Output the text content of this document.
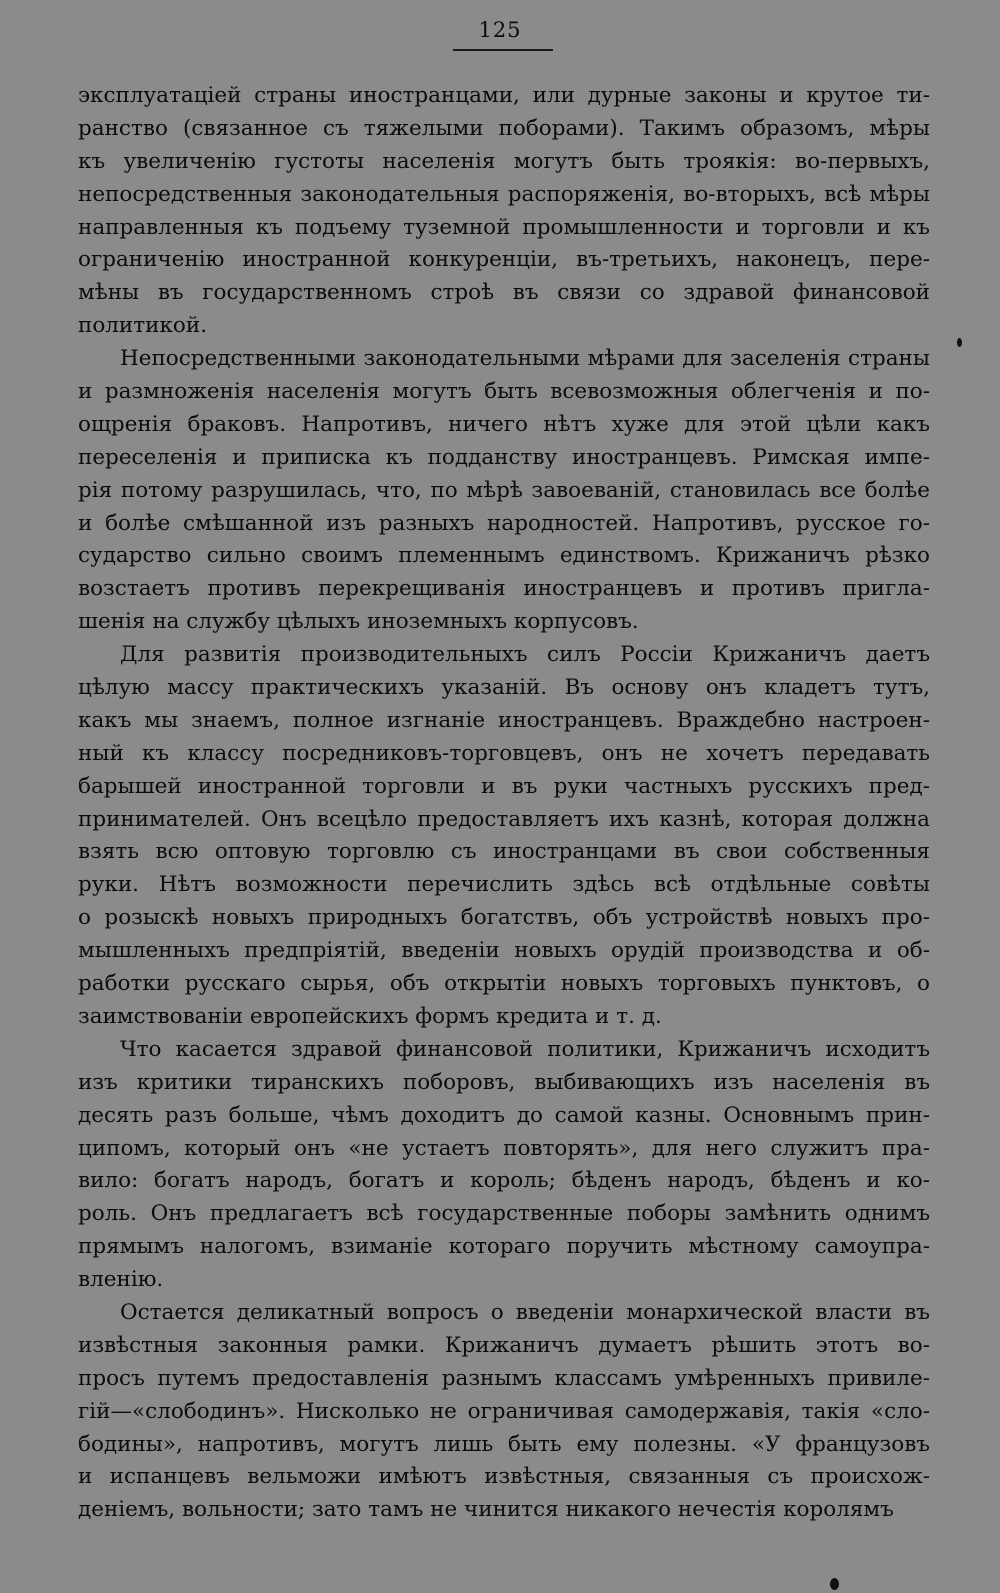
125
эксплуатаціей страны иностранцами, или дурные законы и крутое ти-
ранство (связанное съ тяжелыми поборами). Такимъ образомъ, мѣры
къ увеличенію густоты населенія могутъ быть троякія: во-первыхъ,
непосредственныя законодательныя распоряженія, во-вторыхъ, всѣ мѣры
направленныя къ подъему туземной промышленности и торговли и къ
ограниченію иностранной конкуренціи, въ-третьихъ, наконецъ, пере-
мѣны въ государственномъ строѣ въ связи со здравой финансовой
политикой.
Непосредственными законодательными мѣрами для заселенія страны
и размноженія населенія могутъ быть всевозможныя облегченія и по-
ощренія браковъ. Напротивъ, ничего нѣтъ хуже для этой цѣли какъ
переселенія и приписка къ подданству иностранцевъ. Римская импе-
рія потому разрушилась, что, по мѣрѣ завоеваній, становилась все болѣе
и болѣе смѣшанной изъ разныхъ народностей. Напротивъ, русское го-
сударство сильно своимъ племеннымъ единствомъ. Крижаничъ рѣзко
возстаетъ противъ перекрещиванія иностранцевъ и противъ пригла-
шенія на службу цѣлыхъ иноземныхъ корпусовъ.
Для развитія производительныхъ силъ Россіи Крижаничъ даетъ
цѣлую массу практическихъ указаній. Въ основу онъ кладетъ тутъ,
какъ мы знаемъ, полное изгнаніе иностранцевъ. Враждебно настроен-
ный къ классу посредниковъ-торговцевъ, онъ не хочетъ передавать
барышей иностранной торговли и въ руки частныхъ русскихъ пред-
принимателей. Онъ всецѣло предоставляетъ ихъ казнѣ, которая должна
взять всю оптовую торговлю съ иностранцами въ свои собственныя
руки. Нѣтъ возможности перечислить здѣсь всѣ отдѣльные совѣты
о розыскѣ новыхъ природныхъ богатствъ, объ устройствѣ новыхъ про-
мышленныхъ предпріятій, введеніи новыхъ орудій производства и об-
работки русскаго сырья, объ открытіи новыхъ торговыхъ пунктовъ, о
заимствованіи европейскихъ формъ кредита и т. д.
Что касается здравой финансовой политики, Крижаничъ исходитъ
изъ критики тиранскихъ поборовъ, выбивающихъ изъ населенія въ
десять разъ больше, чѣмъ доходитъ до самой казны. Основнымъ прин-
ципомъ, который онъ «не устаетъ повторять», для него служитъ пра-
вило: богатъ народъ, богатъ и король; бѣденъ народъ, бѣденъ и ко-
роль. Онъ предлагаетъ всѣ государственные поборы замѣнить однимъ
прямымъ налогомъ, взиманіе котораго поручить мѣстному самоупра-
вленію.
Остается деликатный вопросъ о введеніи монархической власти въ
извѣстныя законныя рамки. Крижаничъ думаетъ рѣшить этотъ во-
просъ путемъ предоставленія разнымъ классамъ умѣренныхъ привиле-
гій—«слободинъ». Нисколько не ограничивая самодержавія, такія «сло-
бодины», напротивъ, могутъ лишь быть ему полезны. «У французовъ
и испанцевъ вельможи имѣютъ извѣстныя, связанныя съ происхож-
деніемъ, вольности; зато тамъ не чинится никакого нечестія королямъ
